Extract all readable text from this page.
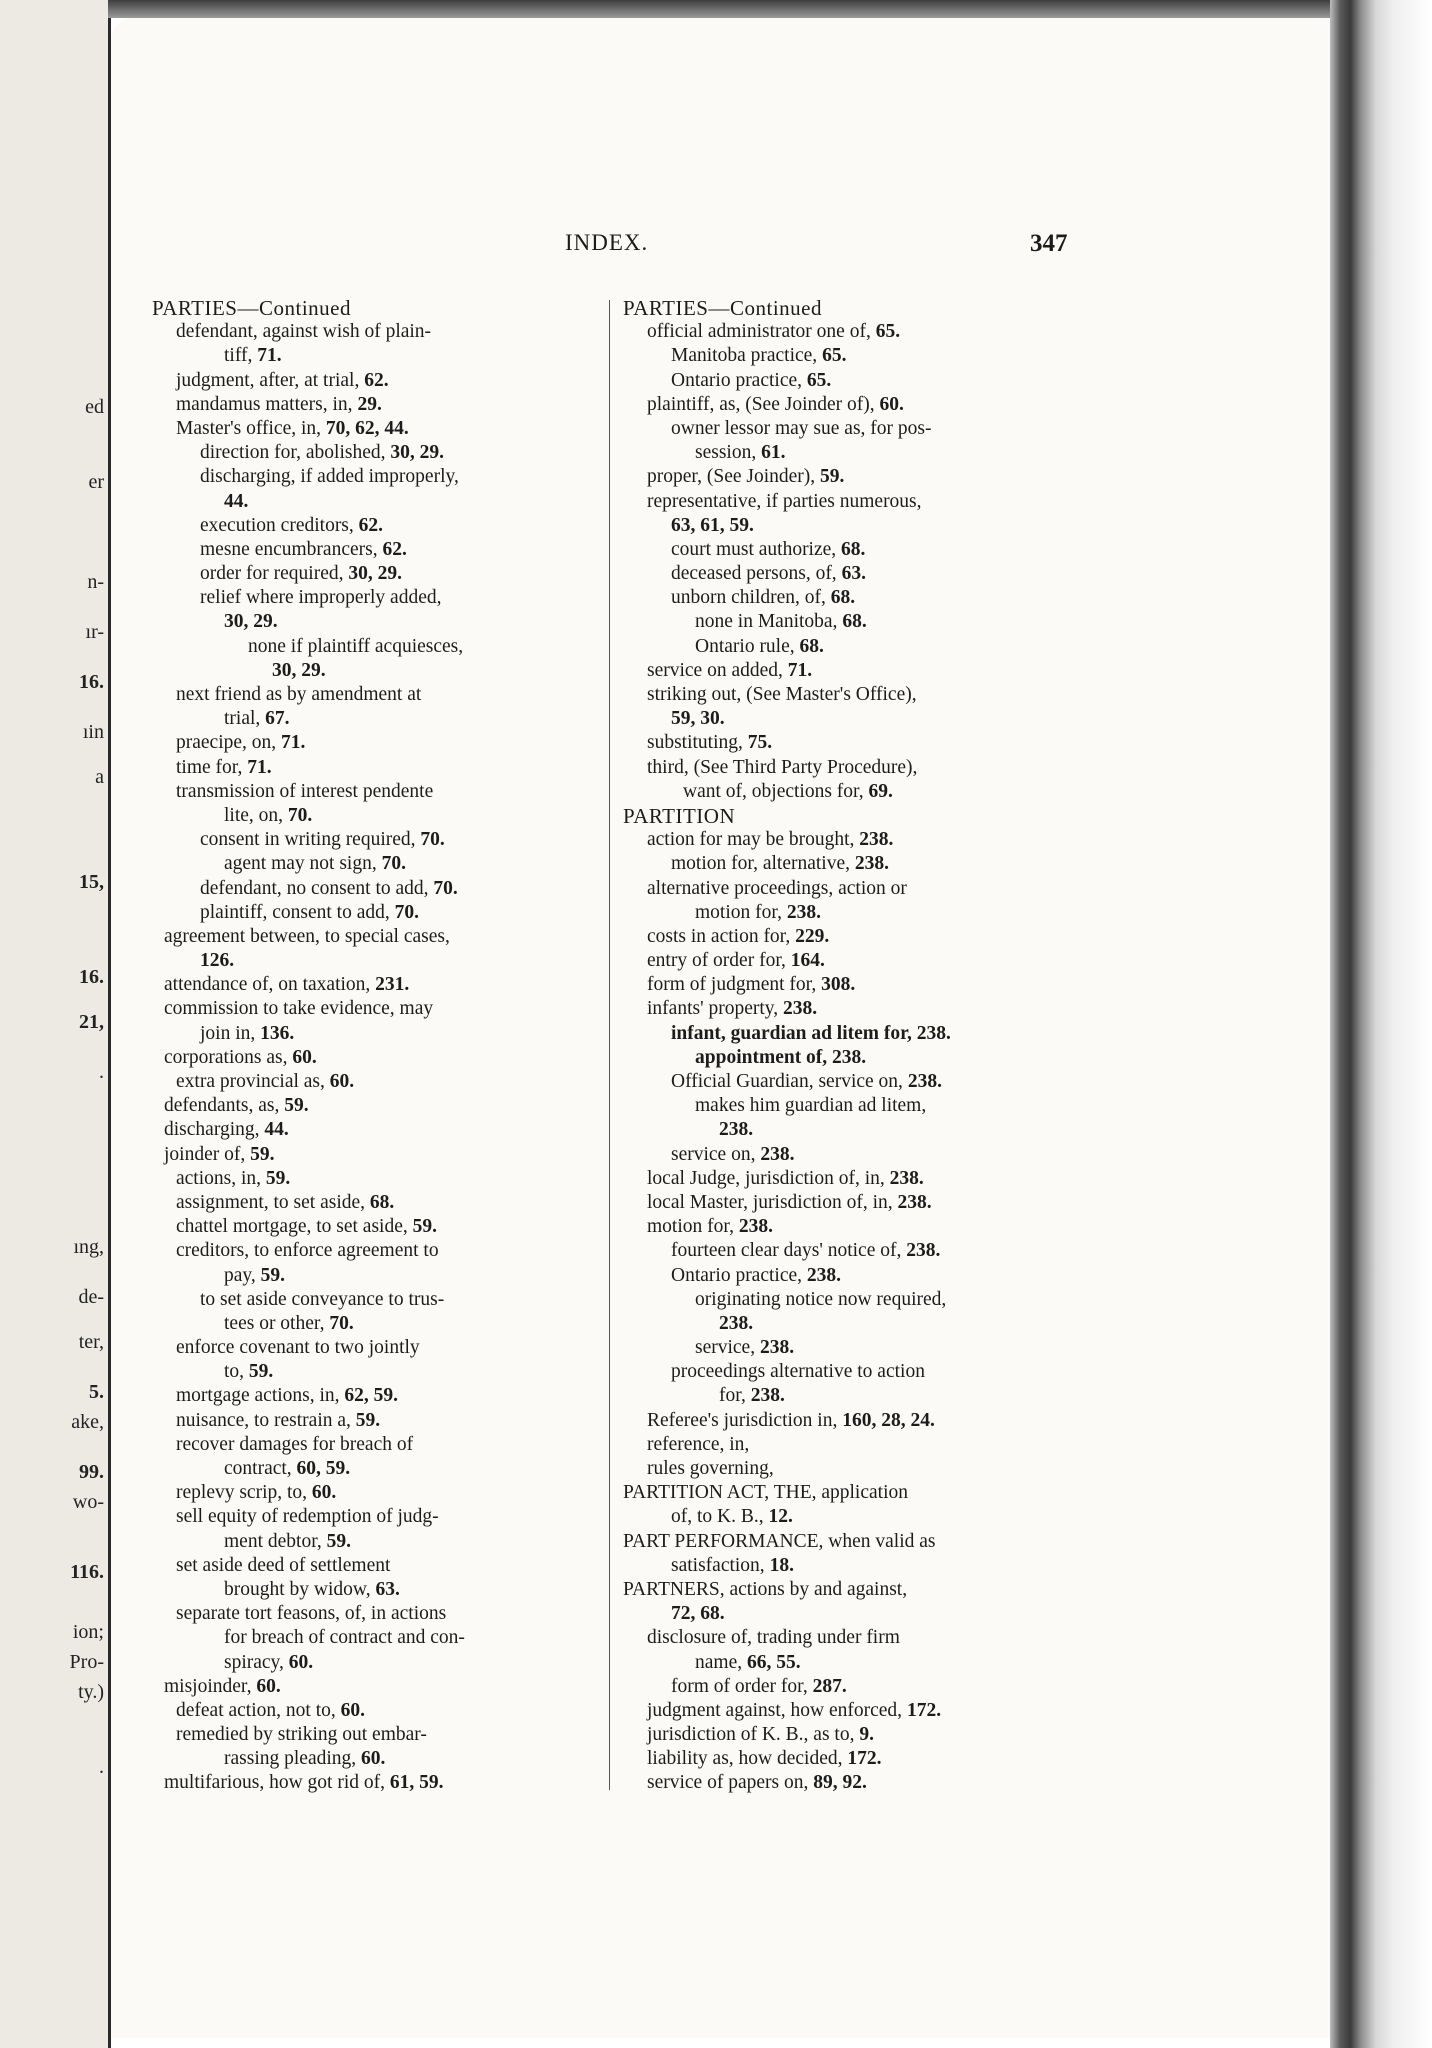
ed
er
n-
ır-
16.
ıin
a
15,
16.
21,
.
ıng,
de-
ter,
5.
ake,
99.
wo-
116.
ion;
Pro-
ty.)
.
INDEX.	347
PARTIES—Continued
defendant, against wish of plain-
tiff, 71.
judgment, after, at trial, 62.
mandamus matters, in, 29.
Master's office, in, 70, 62, 44.
direction for, abolished, 30, 29.
discharging, if added improperly,
44.
execution creditors, 62.
mesne encumbrancers, 62.
order for required, 30, 29.
relief where improperly added,
30, 29.
none if plaintiff acquiesces,
30, 29.
next friend as by amendment at
trial, 67.
praecipe, on, 71.
time for, 71.
transmission of interest pendente
lite, on, 70.
consent in writing required, 70.
agent may not sign, 70.
defendant, no consent to add, 70.
plaintiff, consent to add, 70.
agreement between, to special cases,
126.
attendance of, on taxation, 231.
commission to take evidence, may
join in, 136.
corporations as, 60.
extra provincial as, 60.
defendants, as, 59.
discharging, 44.
joinder of, 59.
actions, in, 59.
assignment, to set aside, 68.
chattel mortgage, to set aside, 59.
creditors, to enforce agreement to
pay, 59.
to set aside conveyance to trus-
tees or other, 70.
enforce covenant to two jointly
to, 59.
mortgage actions, in, 62, 59.
nuisance, to restrain a, 59.
recover damages for breach of
contract, 60, 59.
replevy scrip, to, 60.
sell equity of redemption of judg-
ment debtor, 59.
set aside deed of settlement
brought by widow, 63.
separate tort feasons, of, in actions
for breach of contract and con-
spiracy, 60.
misjoinder, 60.
defeat action, not to, 60.
remedied by striking out embar-
rassing pleading, 60.
multifarious, how got rid of, 61, 59.
PARTIES—Continued
official administrator one of, 65.
Manitoba practice, 65.
Ontario practice, 65.
plaintiff, as, (See Joinder of), 60.
owner lessor may sue as, for pos-
session, 61.
proper, (See Joinder), 59.
representative, if parties numerous,
63, 61, 59.
court must authorize, 68.
deceased persons, of, 63.
unborn children, of, 68.
none in Manitoba, 68.
Ontario rule, 68.
service on added, 71.
striking out, (See Master's Office),
59, 30.
substituting, 75.
third, (See Third Party Procedure),
want of, objections for, 69.
PARTITION
action for may be brought, 238.
motion for, alternative, 238.
alternative proceedings, action or
motion for, 238.
costs in action for, 229.
entry of order for, 164.
form of judgment for, 308.
infants' property, 238.
infant, guardian ad litem for, 238.
appointment of, 238.
Official Guardian, service on, 238.
makes him guardian ad litem,
238.
service on, 238.
local Judge, jurisdiction of, in, 238.
local Master, jurisdiction of, in, 238.
motion for, 238.
fourteen clear days' notice of, 238.
Ontario practice, 238.
originating notice now required,
238.
service, 238.
proceedings alternative to action
for, 238.
Referee's jurisdiction in, 160, 28, 24.
reference, in,
rules governing,
PARTITION ACT, THE, application
of, to K. B., 12.
PART PERFORMANCE, when valid as
satisfaction, 18.
PARTNERS, actions by and against,
72, 68.
disclosure of, trading under firm
name, 66, 55.
form of order for, 287.
judgment against, how enforced, 172.
jurisdiction of K. B., as to, 9.
liability as, how decided, 172.
service of papers on, 89, 92.
